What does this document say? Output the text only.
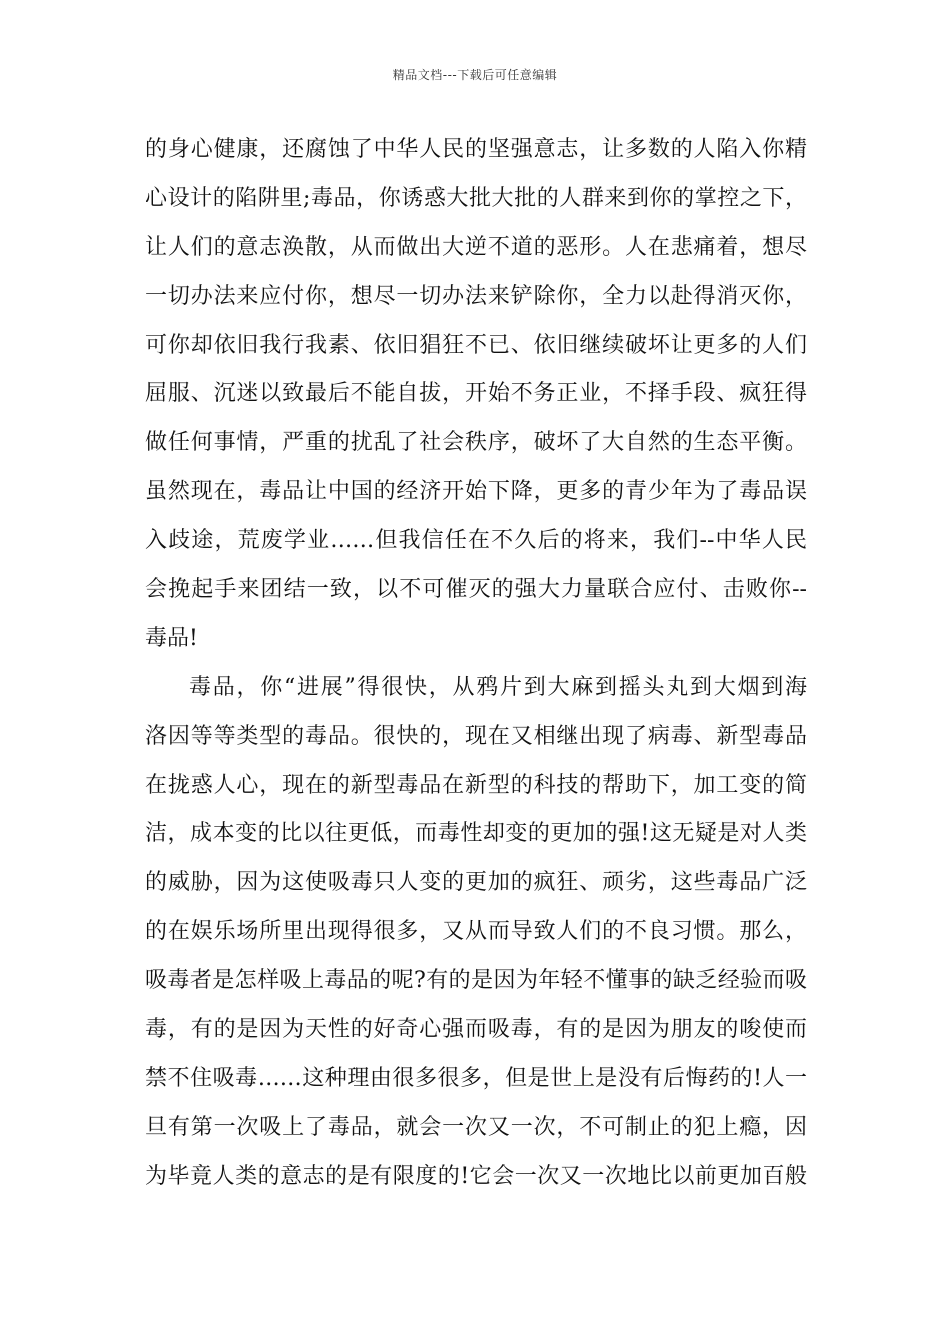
精品文档---下载后可任意编辑
的身心健康，还腐蚀了中华人民的坚强意志，让多数的人陷入你精
心设计的陷阱里;毒品，你诱惑大批大批的人群来到你的掌控之下，
让人们的意志涣散，从而做出大逆不道的恶形。人在悲痛着，想尽
一切办法来应付你，想尽一切办法来铲除你，全力以赴得消灭你，
可你却依旧我行我素、依旧猖狂不已、依旧继续破坏让更多的人们
屈服、沉迷以致最后不能自拔，开始不务正业，不择手段、疯狂得
做任何事情，严重的扰乱了社会秩序，破坏了大自然的生态平衡。
虽然现在，毒品让中国的经济开始下降，更多的青少年为了毒品误
入歧途，荒废学业……但我信任在不久后的将来，我们--中华人民
会挽起手来团结一致，以不可催灭的强大力量联合应付、击败你--
毒品!
毒品，你“进展”得很快，从鸦片到大麻到摇头丸到大烟到海
洛因等等类型的毒品。很快的，现在又相继出现了病毒、新型毒品
在拢惑人心，现在的新型毒品在新型的科技的帮助下，加工变的简
洁，成本变的比以往更低，而毒性却变的更加的强!这无疑是对人类
的威胁，因为这使吸毒只人变的更加的疯狂、顽劣，这些毒品广泛
的在娱乐场所里出现得很多，又从而导致人们的不良习惯。那么，
吸毒者是怎样吸上毒品的呢?有的是因为年轻不懂事的缺乏经验而吸
毒，有的是因为天性的好奇心强而吸毒，有的是因为朋友的唆使而
禁不住吸毒……这种理由很多很多，但是世上是没有后悔药的!人一
旦有第一次吸上了毒品，就会一次又一次，不可制止的犯上瘾，因
为毕竟人类的意志的是有限度的!它会一次又一次地比以前更加百般
